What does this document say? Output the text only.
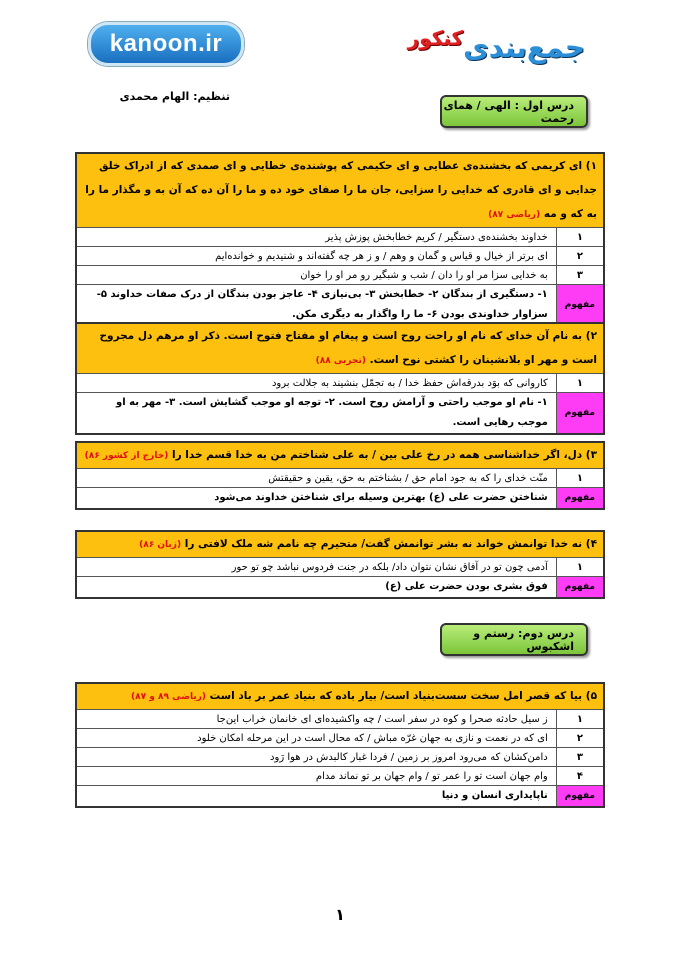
kanoon.ir	جمع‌بندی
کنکور
تنظیم: الهام محمدی
درس اول : الهی / همای رحمت
درس دوم: رستم و اشکبوس
۱) ای کریمی که بخشنده‌ی عطایی و ای حکیمی که پوشنده‌ی خطایی و ای صمدی که از ادراک خلق جدایی و ای قادری که خدایی را سزایی، جان ما را صفای خود ده و ما را آن ده که آن به و مگذار ما را به که و مه (ریاضی ۸۷)	
۱	خداوند بخشنده‌ی دستگیر / کریم خطابخش پوزش پذیر
۲	ای برتر از خیال و قیاس و گمان و وهم / و ز هر چه گفته‌اند و شنیدیم و خوانده‌ایم
۳	به خدایی سزا مر او را دان / شب و شبگیر رو مر او را خوان
مفهوم	۱- دستگیری از بندگان ۲- خطابخش ۳- بی‌نیازی ۴- عاجز بودن بندگان از درک صفات خداوند ۵- سزاوار خداوندی بودن ۶- ما را واگذار به دیگری مکن.
۲) به نام آن خدای که نام او راحت روح است و پیغام او مفتاح فتوح است. ذکر او مرهم دل مجروح است و مهر او بلانشینان را کشتی نوح است. (تجربی ۸۸)	
۱	کاروانی که بوَد بدرقه‌اش حفظ خدا / به تجمّل بنشیند به جلالت برود
مفهوم	۱- نام او موجب راحتی و آرامش روح است. ۲- توجه او موجب گشایش است. ۳- مهر به او موجب رهایی است.
۳) دل، اگر خداشناسی همه در رخ علی بین / به علی شناختم من به خدا قسم خدا را (خارج از کشور ۸۶)	
۱	منّت خدای را که به جود امام حق / بشناختم به حق، یقین و حقیقتش
مفهوم	شناختن حضرت علی (ع) بهترین وسیله برای شناختن خداوند می‌شود
۴) نه خدا توانمش خواند نه بشر توانمش گفت/ متحیرم چه نامم شه ملک لافتی را (زبان ۸۶)	
۱	آدمی چون تو در آفاق نشان نتوان داد/ بلکه در جنت فردوس نباشد چو تو حور
مفهوم	فوق بشری بودن حضرت علی (ع)
۵) بیا که قصر امل سخت سست‌بنیاد است/ بیار باده که بنیاد عمر بر باد است (ریاضی ۸۹ و ۸۷)	
۱	ز سیل حادثه صحرا و کوه در سفر است / چه واکشیده‌ای ای خانمان خراب این‌جا
۲	ای که در نعمت و نازی به جهان غرّه مباش / که محال است در این مرحله امکان خلود
۳	دامن‌کشان که می‌رود امروز بر زمین / فردا غبار کالبدش در هوا رَود
۴	وام جهان است تو را عمر تو / وام جهان بر تو نماند مدام
مفهوم	ناپایداری انسان و دنیا
۱
